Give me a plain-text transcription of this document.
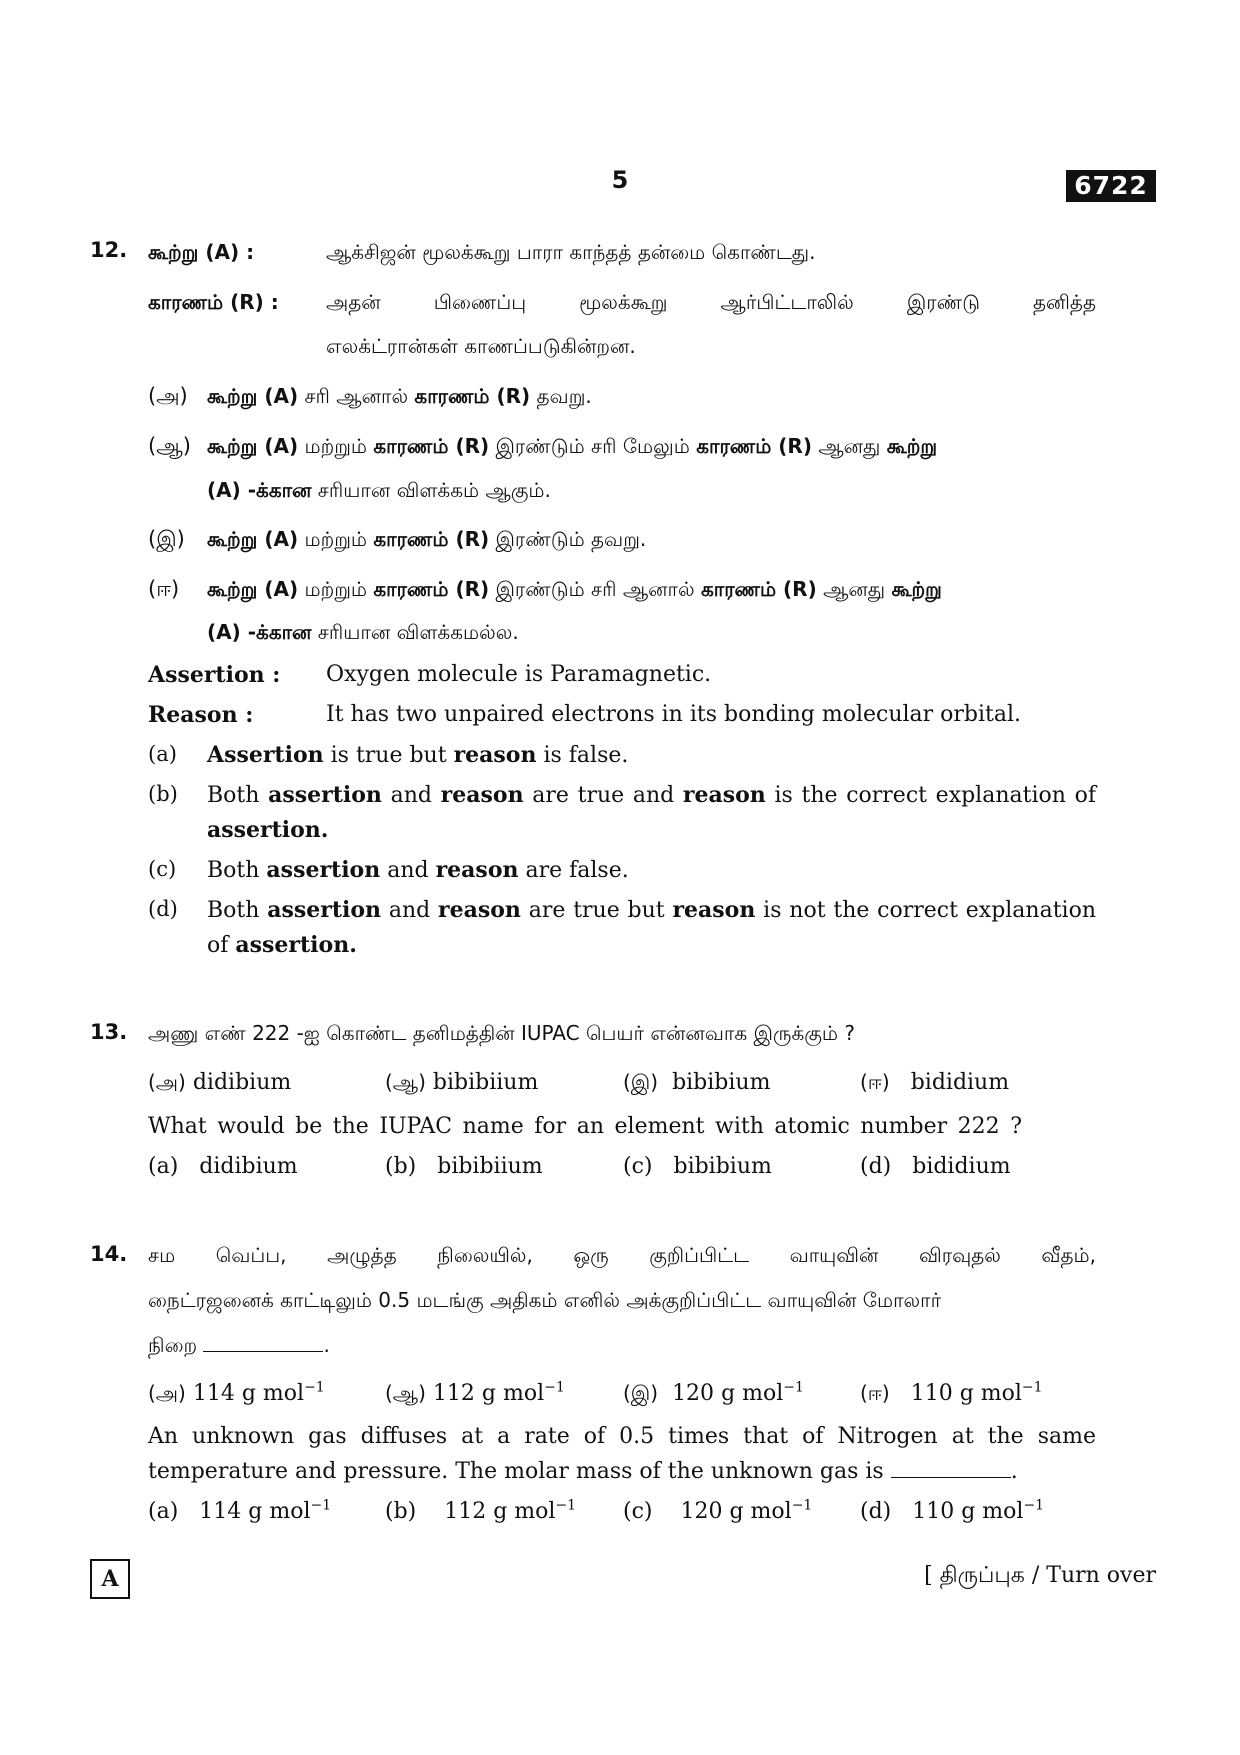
5	6722
12. கூற்று (A) :	ஆக்சிஜன் மூலக்கூறு பாரா காந்தத் தன்மை கொண்டது.
காரணம் (R) : அதன் பிணைப்பு மூலக்கூறு ஆர்பிட்டாலில் இரண்டு தனித்த
எலக்ட்ரான்கள் காணப்படுகின்றன.
(அ) கூற்று (A) சரி ஆனால் காரணம் (R) தவறு.
(ஆ) கூற்று (A) மற்றும் காரணம் (R) இரண்டும் சரி மேலும் காரணம் (R) ஆனது கூற்று
(A) -க்கான சரியான விளக்கம் ஆகும்.
(இ) கூற்று (A) மற்றும் காரணம் (R) இரண்டும் தவறு.
(ஈ) கூற்று (A) மற்றும் காரணம் (R) இரண்டும் சரி ஆனால் காரணம் (R) ஆனது கூற்று
(A) -க்கான சரியான விளக்கமல்ல.
Assertion : Oxygen molecule is Paramagnetic.
Reason :	It has two unpaired electrons in its bonding molecular orbital.
(a) Assertion is true but reason is false.
(b) Both assertion and reason are true and reason is the correct explanation of
assertion.
(c) Both assertion and reason are false.
(d) Both assertion and reason are true but reason is not the correct explanation
of assertion.
13. அணு எண் 222 -ஐ கொண்ட தனிமத்தின் IUPAC பெயர் என்னவாக இருக்கும் ?
(அ) didibium	(ஆ) bibibiium	(இ) bibibium	(ஈ) bididium
What would be the IUPAC name for an element with atomic number 222 ?
(a) didibium	(b) bibibiium	(c) bibibium	(d) bididium
14. சம வெப்ப, அழுத்த நிலையில், ஒரு குறிப்பிட்ட வாயுவின் விரவுதல் வீதம்,
நைட்ரஜனைக் காட்டிலும் 0.5 மடங்கு அதிகம் எனில் அக்குறிப்பிட்ட வாயுவின் மோலார்
நிறை	.
(அ) 114 g mol$^{-1}$	(ஆ) 112 g mol$^{-1}$	(இ) 120 g mol$^{-1}$	(ஈ) 110 g mol$^{-1}$
An unknown gas diffuses at a rate of 0.5 times that of Nitrogen at the same
temperature and pressure. The molar mass of the unknown gas is	.
(a) 114 g mol$^{-1}$ (b) 112 g mol$^{-1}$ (c) 120 g mol$^{-1}$ (d) 110 g mol$^{-1}$
A	[ திருப்புக / Turn over
